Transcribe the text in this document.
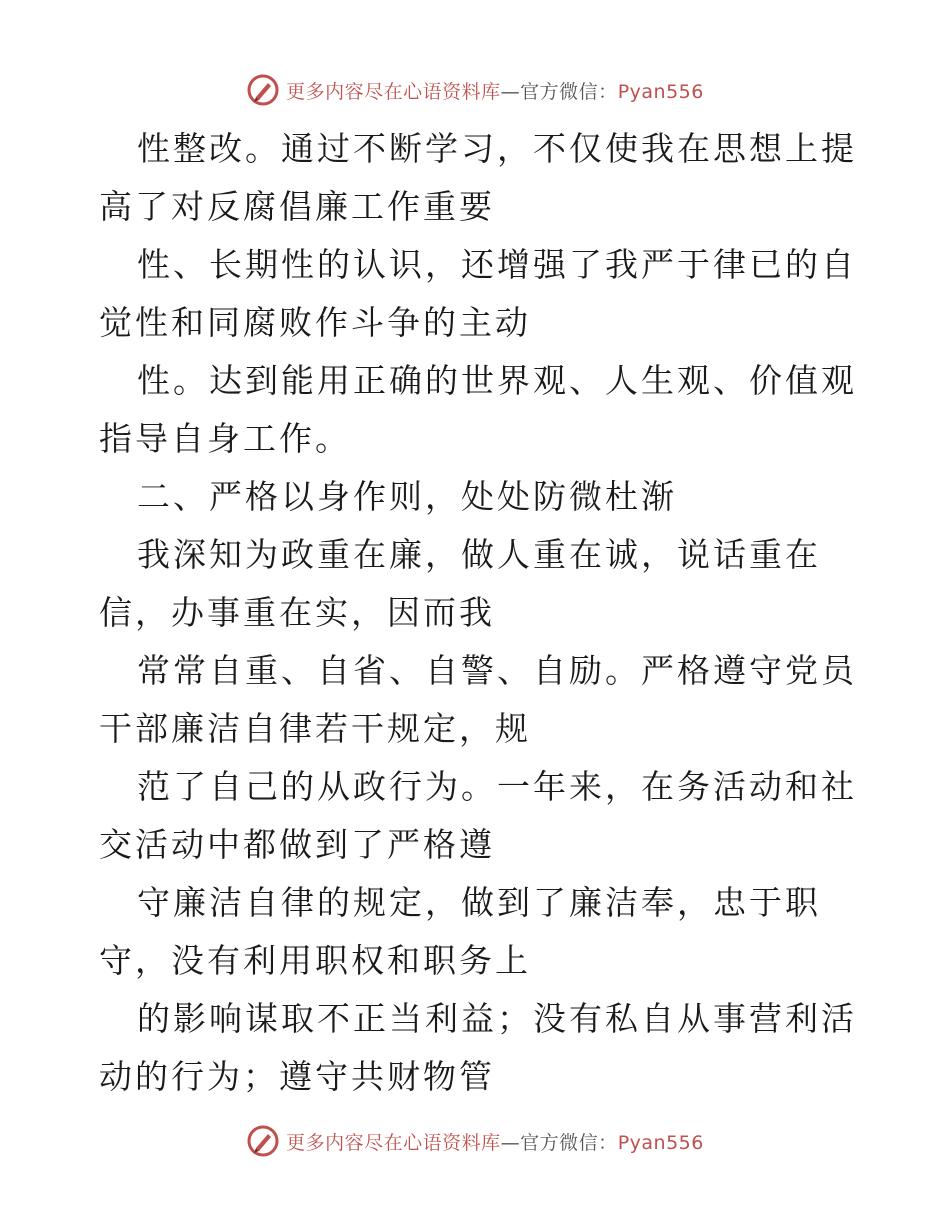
更多内容尽在心语资料库—官方微信：Pyan556

性整改。通过不断学习，不仅使我在思想上提高了对反腐倡廉工作重要

性、长期性的认识，还增强了我严于律已的自觉性和同腐败作斗争的主动

性。达到能用正确的世界观、人生观、价值观指导自身工作。

二、严格以身作则，处处防微杜渐

我深知为政重在廉，做人重在诚，说话重在信，办事重在实，因而我

常常自重、自省、自警、自励。严格遵守党员干部廉洁自律若干规定，规

范了自己的从政行为。一年来，在务活动和社交活动中都做到了严格遵

守廉洁自律的规定，做到了廉洁奉，忠于职守，没有利用职权和职务上

的影响谋取不正当利益；没有私自从事营利活动的行为；遵守共财物管

更多内容尽在心语资料库—官方微信：Pyan556
